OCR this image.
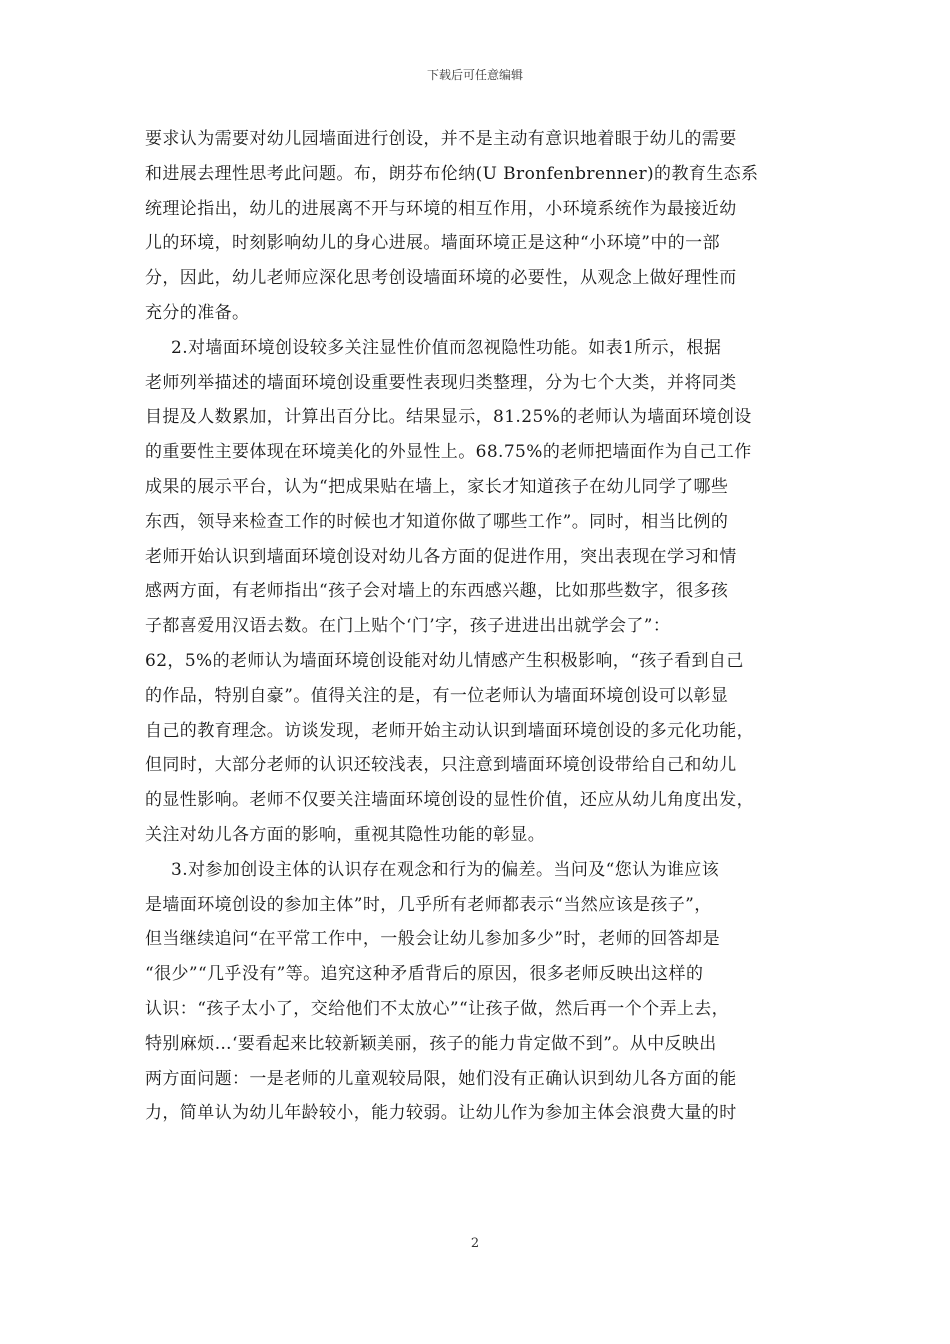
下载后可任意编辑
要求认为需要对幼儿园墙面进行创设，并不是主动有意识地着眼于幼儿的需要
和进展去理性思考此问题。布，朗芬布伦纳(U Bronfenbrenner)的教育生态系
统理论指出，幼儿的进展离不开与环境的相互作用，小环境系统作为最接近幼
儿的环境，时刻影响幼儿的身心进展。墙面环境正是这种“小环境”中的一部
分，因此，幼儿老师应深化思考创设墙面环境的必要性，从观念上做好理性而
充分的准备。
2.对墙面环境创设较多关注显性价值而忽视隐性功能。如表1所示，根据
老师列举描述的墙面环境创设重要性表现归类整理，分为七个大类，并将同类
目提及人数累加，计算出百分比。结果显示，81.25%的老师认为墙面环境创设
的重要性主要体现在环境美化的外显性上。68.75%的老师把墙面作为自己工作
成果的展示平台，认为“把成果贴在墙上，家长才知道孩子在幼儿同学了哪些
东西，领导来检查工作的时候也才知道你做了哪些工作”。同时，相当比例的
老师开始认识到墙面环境创设对幼儿各方面的促进作用，突出表现在学习和情
感两方面，有老师指出“孩子会对墙上的东西感兴趣，比如那些数字，很多孩
子都喜爱用汉语去数。在门上贴个‘门’字，孩子进进出出就学会了”：
62，5%的老师认为墙面环境创设能对幼儿情感产生积极影响，“孩子看到自己
的作品，特别自豪”。值得关注的是，有一位老师认为墙面环境创设可以彰显
自己的教育理念。访谈发现，老师开始主动认识到墙面环境创设的多元化功能，
但同时，大部分老师的认识还较浅表，只注意到墙面环境创设带给自己和幼儿
的显性影响。老师不仅要关注墙面环境创设的显性价值，还应从幼儿角度出发，
关注对幼儿各方面的影响，重视其隐性功能的彰显。
3.对参加创设主体的认识存在观念和行为的偏差。当问及“您认为谁应该
是墙面环境创设的参加主体”时，几乎所有老师都表示“当然应该是孩子”，
但当继续追问“在平常工作中，一般会让幼儿参加多少”时，老师的回答却是
“很少”“几乎没有”等。追究这种矛盾背后的原因，很多老师反映出这样的
认识：“孩子太小了，交给他们不太放心”“让孩子做，然后再一个个弄上去，
特别麻烦…‘要看起来比较新颖美丽，孩子的能力肯定做不到”。从中反映出
两方面问题：一是老师的儿童观较局限，她们没有正确认识到幼儿各方面的能
力，简单认为幼儿年龄较小，能力较弱。让幼儿作为参加主体会浪费大量的时
2
